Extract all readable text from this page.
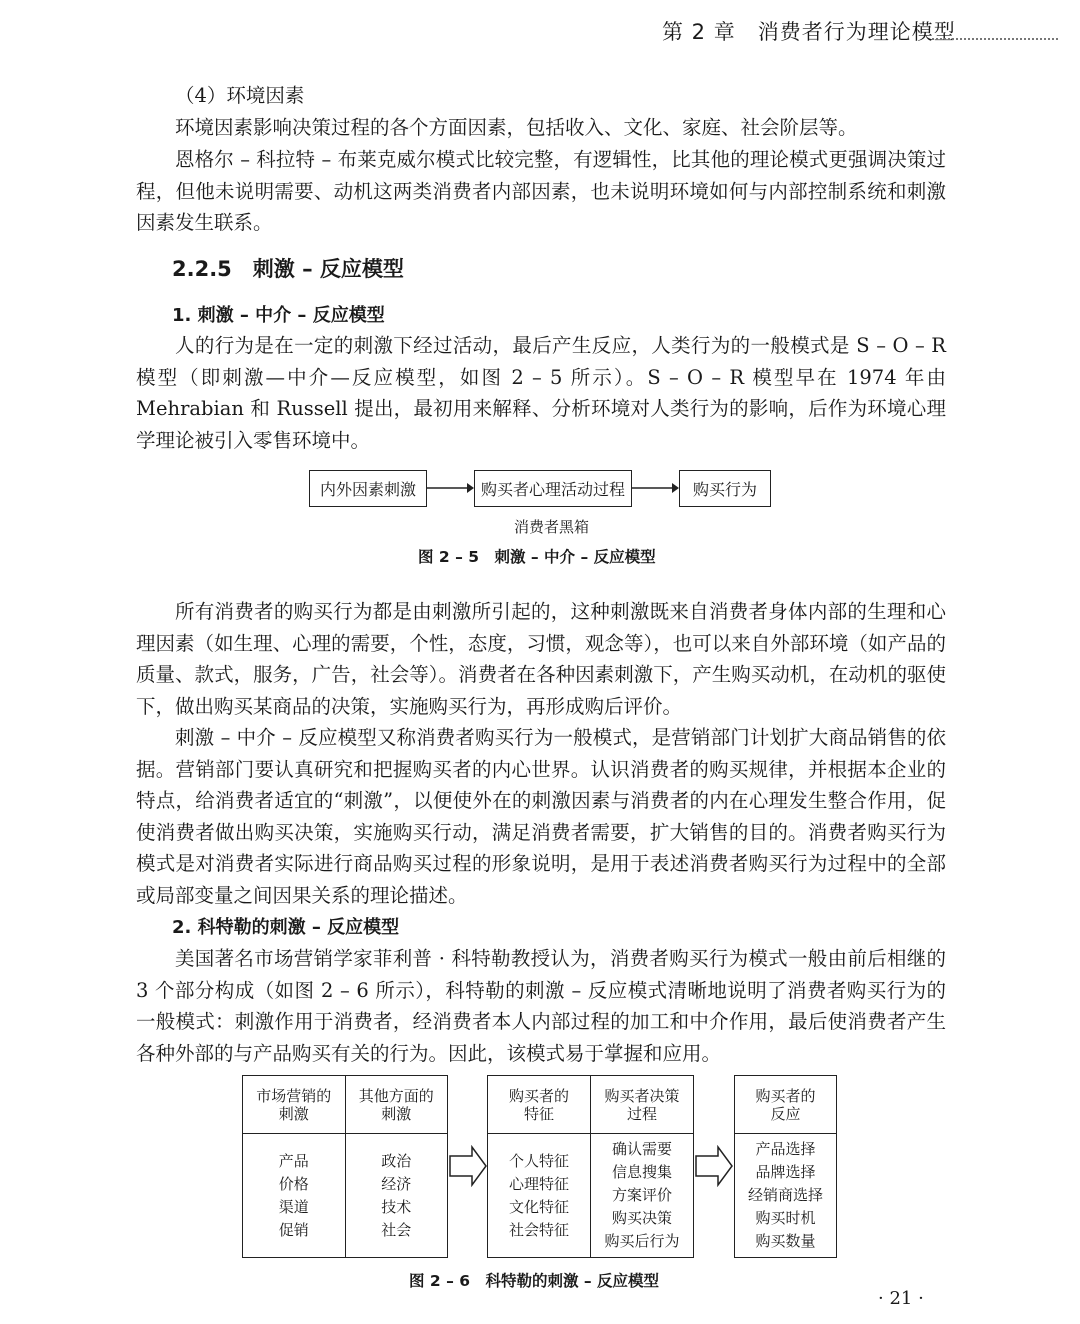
第 2 章　消费者行为理论模型
（4）环境因素
环境因素影响决策过程的各个方面因素，包括收入、文化、家庭、社会阶层等。
恩格尔 – 科拉特 – 布莱克威尔模式比较完整，有逻辑性，比其他的理论模式更强调决策过程，但他未说明需要、动机这两类消费者内部因素，也未说明环境如何与内部控制系统和刺激因素发生联系。
2.2.5　刺激 – 反应模型
1. 刺激 – 中介 – 反应模型
人的行为是在一定的刺激下经过活动，最后产生反应，人类行为的一般模式是 S – O – R 模型（即刺激—中介—反应模型，如图 2 – 5 所示）。S – O – R 模型早在 1974 年由 Mehrabian 和 Russell 提出，最初用来解释、分析环境对人类行为的影响，后作为环境心理学理论被引入零售环境中。
内外因素刺激	购买者心理活动过程	购买行为
消费者黑箱
图 2 – 5　刺激 – 中介 – 反应模型
所有消费者的购买行为都是由刺激所引起的，这种刺激既来自消费者身体内部的生理和心理因素（如生理、心理的需要，个性，态度，习惯，观念等），也可以来自外部环境（如产品的质量、款式，服务，广告，社会等）。消费者在各种因素刺激下，产生购买动机，在动机的驱使下，做出购买某商品的决策，实施购买行为，再形成购后评价。
刺激 – 中介 – 反应模型又称消费者购买行为一般模式，是营销部门计划扩大商品销售的依据。营销部门要认真研究和把握购买者的内心世界。认识消费者的购买规律，并根据本企业的特点，给消费者适宜的“刺激”，以便使外在的刺激因素与消费者的内在心理发生整合作用，促使消费者做出购买决策，实施购买行动，满足消费者需要，扩大销售的目的。消费者购买行为模式是对消费者实际进行商品购买过程的形象说明，是用于表述消费者购买行为过程中的全部或局部变量之间因果关系的理论描述。
2. 科特勒的刺激 – 反应模型
美国著名市场营销学家菲利普 · 科特勒教授认为，消费者购买行为模式一般由前后相继的 3 个部分构成（如图 2 – 6 所示），科特勒的刺激 – 反应模式清晰地说明了消费者购买行为的一般模式：刺激作用于消费者，经消费者本人内部过程的加工和中介作用，最后使消费者产生各种外部的与产品购买有关的行为。因此，该模式易于掌握和应用。
市场营销的
刺激
产品
价格
渠道
促销
其他方面的
刺激
政治
经济
技术
社会
购买者的
特征
个人特征
心理特征
文化特征
社会特征
购买者决策
过程
确认需要
信息搜集
方案评价
购买决策
购买后行为
购买者的
反应
产品选择
品牌选择
经销商选择
购买时机
购买数量
图 2 – 6　科特勒的刺激 – 反应模型
· 21 ·
